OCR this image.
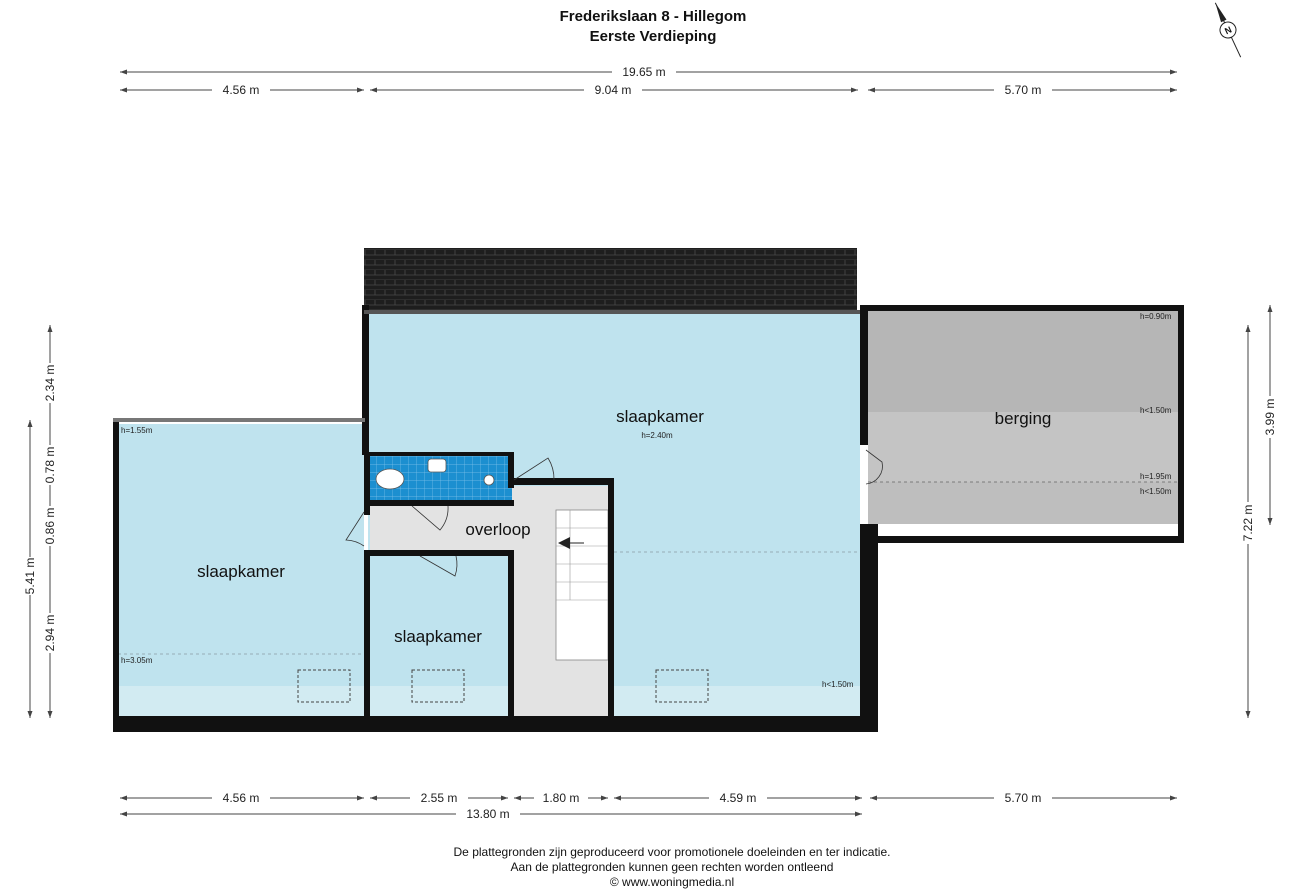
Frederikslaan 8 - Hillegom
Eerste Verdieping	N
19.65 m
4.56 m	9.04 m	5.70 m
5.41 m
2.34 m
0.78 m
0.86 m
2.94 m
7.22 m
3.99 m
slaapkamer
h=2.40m
slaapkamer
h=1.55m
h=3.05m
slaapkamer
overloop
berging
h=0.90m
h<1.50m
h=1.95m
h<1.50m
h<1.50m
4.56 m	2.55 m	1.80 m	4.59 m	5.70 m
13.80 m
De plattegronden zijn geproduceerd voor promotionele doeleinden en ter indicatie.
Aan de plattegronden kunnen geen rechten worden ontleend
© www.woningmedia.nl
